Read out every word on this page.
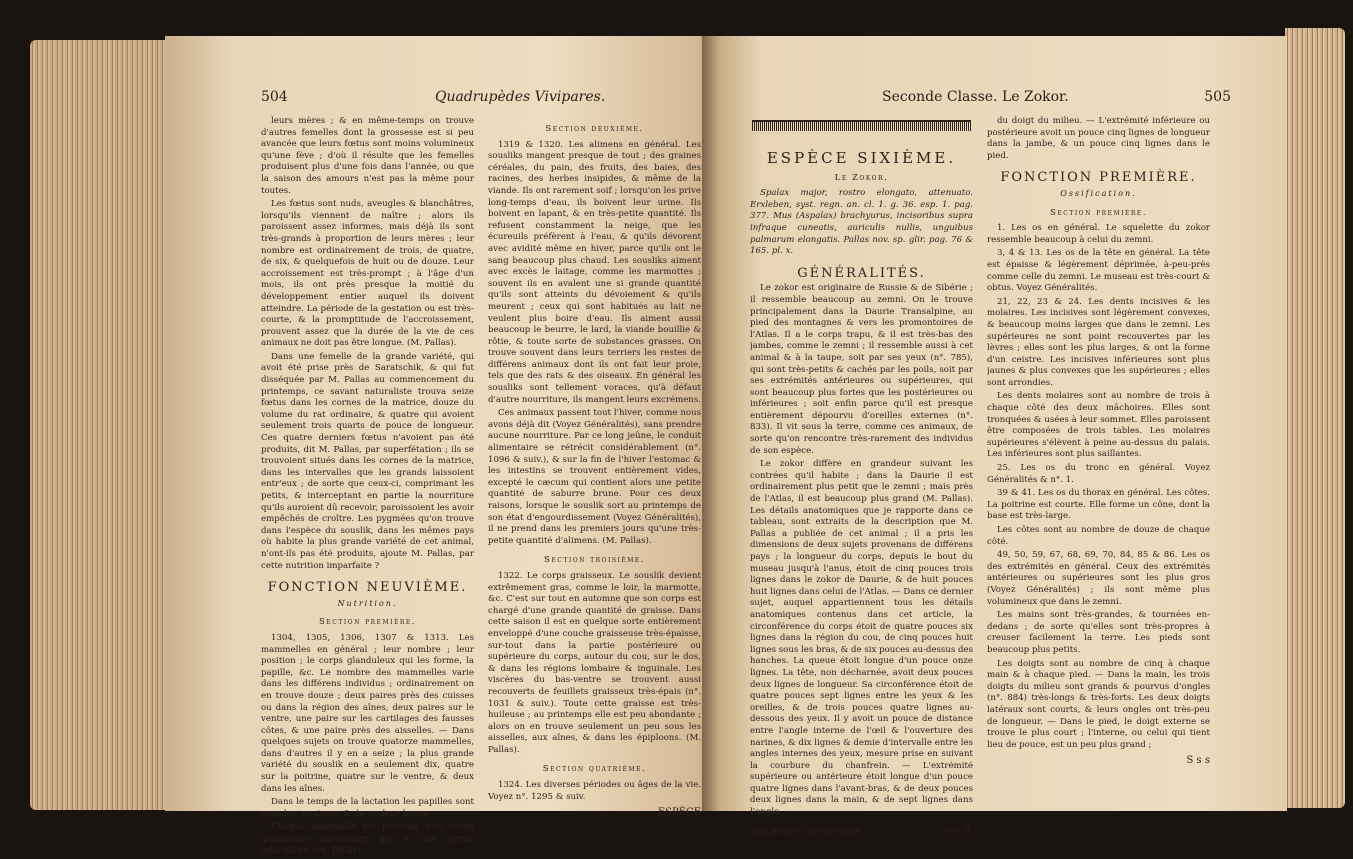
504	Quadrupèdes Vivipares.

leurs mères ; & en même-temps on trouve d'autres femelles dont la grossesse est si peu avancée que leurs fœtus sont moins volumineux qu'une fève ; d'où il résulte que les femelles produisent plus d'une fois dans l'année, ou que la saison des amours n'est pas la même pour toutes.

Les fœtus sont nuds, aveugles & blanchâtres, lorsqu'ils viennent de naître ; alors ils paroissent assez informes, mais déjà ils sont très-grands à proportion de leurs mères ; leur nombre est ordinairement de trois, de quatre, de six, & quelquefois de huit ou de douze. Leur accroissement est très-prompt ; à l'âge d'un mois, ils ont près presque la moitié du développement entier auquel ils doivent atteindre. La période de la gestation ou est très-courte, & la promptitude de l'accroissement, prouvent assez que la durée de la vie de ces animaux ne doit pas être longue. (M. Pallas).

Dans une femelle de la grande variété, qui avoit été prise près de Saratschik, & qui fut disséquée par M. Pallas au commencement du printemps, ce savant naturaliste trouva seize fœtus dans les cornes de la matrice, douze du volume du rat ordinaire, & quatre qui avoient seulement trois quarts de pouce de longueur. Ces quatre derniers fœtus n'avoient pas été produits, dit M. Pallas, par superfétation ; ils se trouvoient situés dans les cornes de la matrice, dans les intervalles que les grands laissoient entr'eux ; de sorte que ceux-ci, comprimant les petits, & interceptant en partie la nourriture qu'ils auroient dû recevoir, paroissoient les avoir empêchés de croître. Les pygmées qu'on trouve dans l'espèce du souslik, dans les mêmes pays où habite la plus grande variété de cet animal, n'ont-ils pas été produits, ajoute M. Pallas, par cette nutrition imparfaite ?

FONCTION NEUVIÈME.
Nutrition.
Section première.

1304, 1305, 1306, 1307 & 1313. Les mammelles en général ; leur nombre ; leur position ; le corps glanduleux qui les forme, la papille, &c. Le nombre des mammelles varie dans les différens individus ; ordinairement on en trouve douze ; deux paires près des cuisses ou dans la région des aînes, deux paires sur le ventre, une paire sur les cartilages des fausses côtes, & une paire près des aisselles. — Dans quelques sujets on trouve quatorze mammelles, dans d'autres il y en a seize ; la plus grande variété du souslik en a seulement dix, quatre sur la poitrine, quatre sur le ventre, & deux dans les aînes.

Dans le temps de la lactation les papilles sont grandes, coniques & de couleur brune.

Chaque mammelle est pourvue d'un corps glanduleux particulier, qui a une forme orbiculaire. (M. Pallas).

Section deuxième.

1319 & 1320. Les alimens en général. Les sousliks mangent presque de tout ; des graines céréales, du pain, des fruits, des baies, des racines, des herbes insipides, & même de la viande. Ils ont rarement soif ; lorsqu'on les prive long-temps d'eau, ils boivent leur urine. Ils boivent en lapant, & en très-petite quantité. Ils refusent constamment la neige, que les écureuils préfèrent à l'eau, & qu'ils dévorent avec avidité même en hiver, parce qu'ils ont le sang beaucoup plus chaud. Les sousliks aiment avec excès le laitage, comme les marmottes ; souvent ils en avalent une si grande quantité qu'ils sont atteints du dévoiement & qu'ils meurent ; ceux qui sont habitués au lait ne veulent plus boire d'eau. Ils aiment aussi beaucoup le beurre, le lard, la viande bouillie & rôtie, & toute sorte de substances grasses. On trouve souvent dans leurs terriers les restes de différens animaux dont ils ont fait leur proie, tels que des rats & des oiseaux. En général les sousliks sont tellement voraces, qu'à défaut d'autre nourriture, ils mangent leurs excrémens.

Ces animaux passent tout l'hiver, comme nous avons déjà dit (Voyez Généralités), sans prendre aucune nourriture. Par ce long jeûne, le conduit alimentaire se rétrécit considérablement (n°. 1096 & suiv.), & sur la fin de l'hiver l'estomac & les intestins se trouvent entièrement vides, excepté le cæcum qui contient alors une petite quantité de saburre brune. Pour ces deux raisons, lorsque le souslik sort au printemps de son état d'engourdissement (Voyez Généralités), il ne prend dans les premiers jours qu'une très-petite quantité d'alimens. (M. Pallas).

Section troisième.

1322. Le corps graisseux. Le souslik devient extrêmement gras, comme le loir, la marmotte, &c. C'est sur tout en automne que son corps est chargé d'une grande quantité de graisse. Dans cette saison il est en quelque sorte entièrement enveloppé d'une couche graisseuse très-épaisse, sur-tout dans la partie postérieure ou supérieure du corps, autour du cou, sur le dos, & dans les régions lombaire & inguinale. Les viscères du bas-ventre se trouvent aussi recouverts de feuillets graisseux très-épais (n°. 1031 & suiv.). Toute cette graisse est très-huileuse ; au printemps elle est peu abondante ; alors on en trouve seulement un peu sous les aisselles, aux aînes, & dans les épiploons. (M. Pallas).

Section quatrième.

1324. Les diverses périodes ou âges de la vie. Voyez n°. 1295 & suiv.

ESPÈCE
Seconde Classe. Le Zokor.	505
ESPÈCE SIXIÈME.
Le Zokor.

Spalax major, rostro elongato, attenuato. Erxleben, syst. regn. an. cl. 1. g. 36. esp. 1. pag. 377. Mus (Aspalax) brachyurus, incisoribus supra infraque cuneatis, auriculis nullis, unguibus palmarum elongatis. Pallas nov. sp. glir. pag. 76 & 165. pl. x.

GÉNÉRALITÉS.

Le zokor est originaire de Russie & de Sibérie ; il ressemble beaucoup au zemni. On le trouve principalement dans la Daurie Transalpine, au pied des montagnes & vers les promontoires de l'Atlas. Il a le corps trapu, & il est très-bas des jambes, comme le zemni ; il ressemble aussi à cet animal & à la taupe, soit par ses yeux (n°. 785), qui sont très-petits & cachés par les poils, soit par ses extrémités antérieures ou supérieures, qui sont beaucoup plus fortes que les postérieures ou inférieures ; soit enfin parce qu'il est presque entièrement dépourvu d'oreilles externes (n°. 833). Il vit sous la terre, comme ces animaux, de sorte qu'on rencontre très-rarement des individus de son espèce.

Le zokor diffère en grandeur suivant les contrées qu'il habite ; dans la Daurie il est ordinairement plus petit que le zemni ; mais près de l'Atlas, il est beaucoup plus grand (M. Pallas). Les détails anatomiques que je rapporte dans ce tableau, sont extraits de la description que M. Pallas a publiée de cet animal ; il a pris les dimensions de deux sujets provenans de différens pays ; la longueur du corps, depuis le bout du museau jusqu'à l'anus, étoit de cinq pouces trois lignes dans le zokor de Daurie, & de huit pouces huit lignes dans celui de l'Atlas. — Dans ce dernier sujet, auquel appartiennent tous les détails anatomiques contenus dans cet article, la circonférence du corps étoit de quatre pouces six lignes dans la région du cou, de cinq pouces huit lignes sous les bras, & de six pouces au-dessus des hanches. La queue étoit longue d'un pouce onze lignes. La tête, non décharnée, avoit deux pouces deux lignes de longueur. Sa circonférence étoit de quatre pouces sept lignes entre les yeux & les oreilles, & de trois pouces quatre lignes au-dessous des yeux. Il y avoit un pouce de distance entre l'angle interne de l'œil & l'ouverture des narines, & dix lignes & demie d'intervalle entre les angles internes des yeux, mesure prise en suivant la courbure du chanfrein. — L'extrémité supérieure ou antérieure étoit longue d'un pouce quatre lignes dans l'avant-bras, & de deux pouces deux lignes dans la main, & de sept lignes dans l'ongle

Syst. anatom. des Animaux.	Tom. II.

du doigt du milieu. — L'extrémité inférieure ou postérieure avoit un pouce cinq lignes de longueur dans la jambe, & un pouce cinq lignes dans le pied.

FONCTION PREMIÈRE.
Ossification.
Section première.

1. Les os en général. Le squelette du zokor ressemble beaucoup à celui du zemni.

3, 4 & 13. Les os de la tête en général. La tête est épaisse & légèrement déprimée, à-peu-près comme celle du zemni. Le museau est très-court & obtus. Voyez Généralités.

21, 22, 23 & 24. Les dents incisives & les molaires. Les incisives sont légèrement convexes, & beaucoup moins larges que dans le zemni. Les supérieures ne sont point recouvertes par les lèvres ; elles sont les plus larges, & ont la forme d'un ceistre. Les incisives inférieures sont plus jaunes & plus convexes que les supérieures ; elles sont arrondies.

Les dents molaires sont au nombre de trois à chaque côté des deux mâchoires. Elles sont tronquées & usées à leur sommet. Elles paroissent être composées de trois tables. Les molaires supérieures s'élèvent à peine au-dessus du palais. Les inférieures sont plus saillantes.

25. Les os du tronc en général. Voyez Généralités & n°. 1.

39 & 41. Les os du thorax en général. Les côtes. La poitrine est courte. Elle forme un cône, dont la base est très-large.

Les côtes sont au nombre de douze de chaque côté.

49, 50, 59, 67, 68, 69, 70, 84, 85 & 86. Les os des extrémités en général. Ceux des extrémités antérieures ou supérieures sont les plus gros (Voyez Généralités) ; ils sont même plus volumineux que dans le zemni.

Les mains sont très-grandes, & tournées en-dedans ; de sorte qu'elles sont très-propres à creuser facilement la terre. Les pieds sont beaucoup plus petits.

Les doigts sont au nombre de cinq à chaque main & à chaque pied. — Dans la main, les trois doigts du milieu sont grands & pourvus d'ongles (n°. 884) très-longs & très-forts. Les deux doigts latéraux sont courts, & leurs ongles ont très-peu de longueur. — Dans le pied, le doigt externe se trouve le plus court ; l'interne, ou celui qui tient lieu de pouce, est un peu plus grand ;

S s s
